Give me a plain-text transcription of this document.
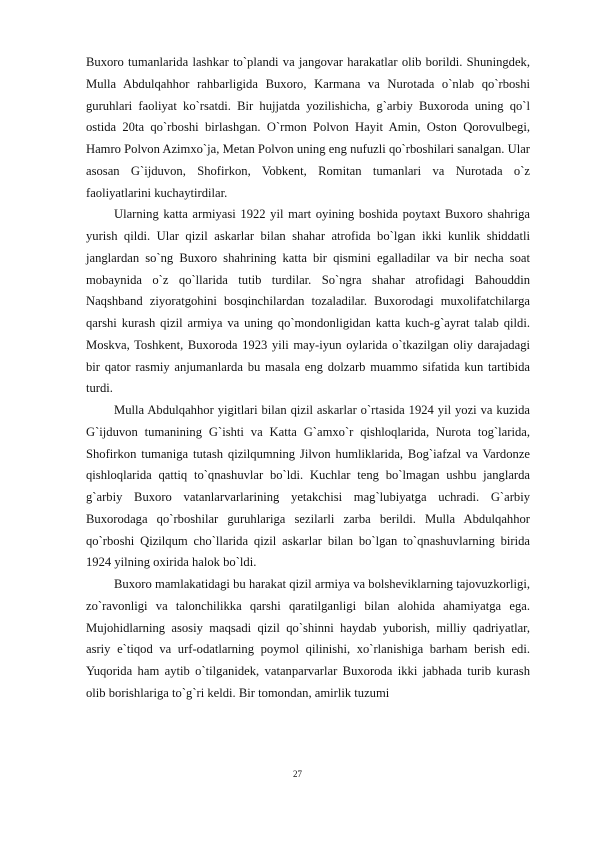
Buxoro tumanlarida lashkar to`plandi va jangovar harakatlar olib borildi. Shuningdek, Mulla Abdulqahhor rahbarligida Buxoro, Karmana va Nurotada o`nlab qo`rboshi guruhlari faoliyat ko`rsatdi. Bir hujjatda yozilishicha, g`arbiy Buxoroda uning qo`l ostida 20ta qo`rboshi birlashgan. O`rmon Polvon Hayit Amin, Oston Qorovulbegi, Hamro Polvon Azimxo`ja, Metan Polvon uning eng nufuzli qo`rboshilari sanalgan. Ular asosan G`ijduvon, Shofirkon, Vobkent, Romitan tumanlari va Nurotada o`z faoliyatlarini kuchaytirdilar.

Ularning katta armiyasi 1922 yil mart oyining boshida poytaxt Buxoro shahriga yurish qildi. Ular qizil askarlar bilan shahar atrofida bo`lgan ikki kunlik shiddatli janglardan so`ng Buxoro shahrining katta bir qismini egalladilar va bir necha soat mobaynida o`z qo`llarida tutib turdilar. So`ngra shahar atrofidagi Bahouddin Naqshband ziyoratgohini bosqinchilardan tozaladilar. Buxorodagi muxolifatchilarga qarshi kurash qizil armiya va uning qo`mondonligidan katta kuch-g`ayrat talab qildi. Moskva, Toshkent, Buxoroda 1923 yili may-iyun oylarida o`tkazilgan oliy darajadagi bir qator rasmiy anjumanlarda bu masala eng dolzarb muammo sifatida kun tartibida turdi.

Mulla Abdulqahhor yigitlari bilan qizil askarlar o`rtasida 1924 yil yozi va kuzida G`ijduvon tumanining G`ishti va Katta G`amxo`r qishloqlarida, Nurota tog`larida, Shofirkon tumaniga tutash qizilqumning Jilvon humliklarida, Bog`iafzal va Vardonze qishloqlarida qattiq to`qnashuvlar bo`ldi. Kuchlar teng bo`lmagan ushbu janglarda g`arbiy Buxoro vatanlarvarlarining yetakchisi mag`lubiyatga uchradi. G`arbiy Buxorodaga qo`rboshilar guruhlariga sezilarli zarba berildi. Mulla Abdulqahhor qo`rboshi Qizilqum cho`llarida qizil askarlar bilan bo`lgan to`qnashuvlarning birida 1924 yilning oxirida halok bo`ldi.

Buxoro mamlakatidagi bu harakat qizil armiya va bolsheviklarning tajovuzkorligi, zo`ravonligi va talonchilikka qarshi qaratilganligi bilan alohida ahamiyatga ega. Mujohidlarning asosiy maqsadi qizil qo`shinni haydab yuborish, milliy qadriyatlar, asriy e`tiqod va urf-odatlarning poymol qilinishi, xo`rlanishiga barham berish edi. Yuqorida ham aytib o`tilganidek, vatanparvarlar Buxoroda ikki jabhada turib kurash olib borishlariga to`g`ri keldi. Bir tomondan, amirlik tuzumi

27
